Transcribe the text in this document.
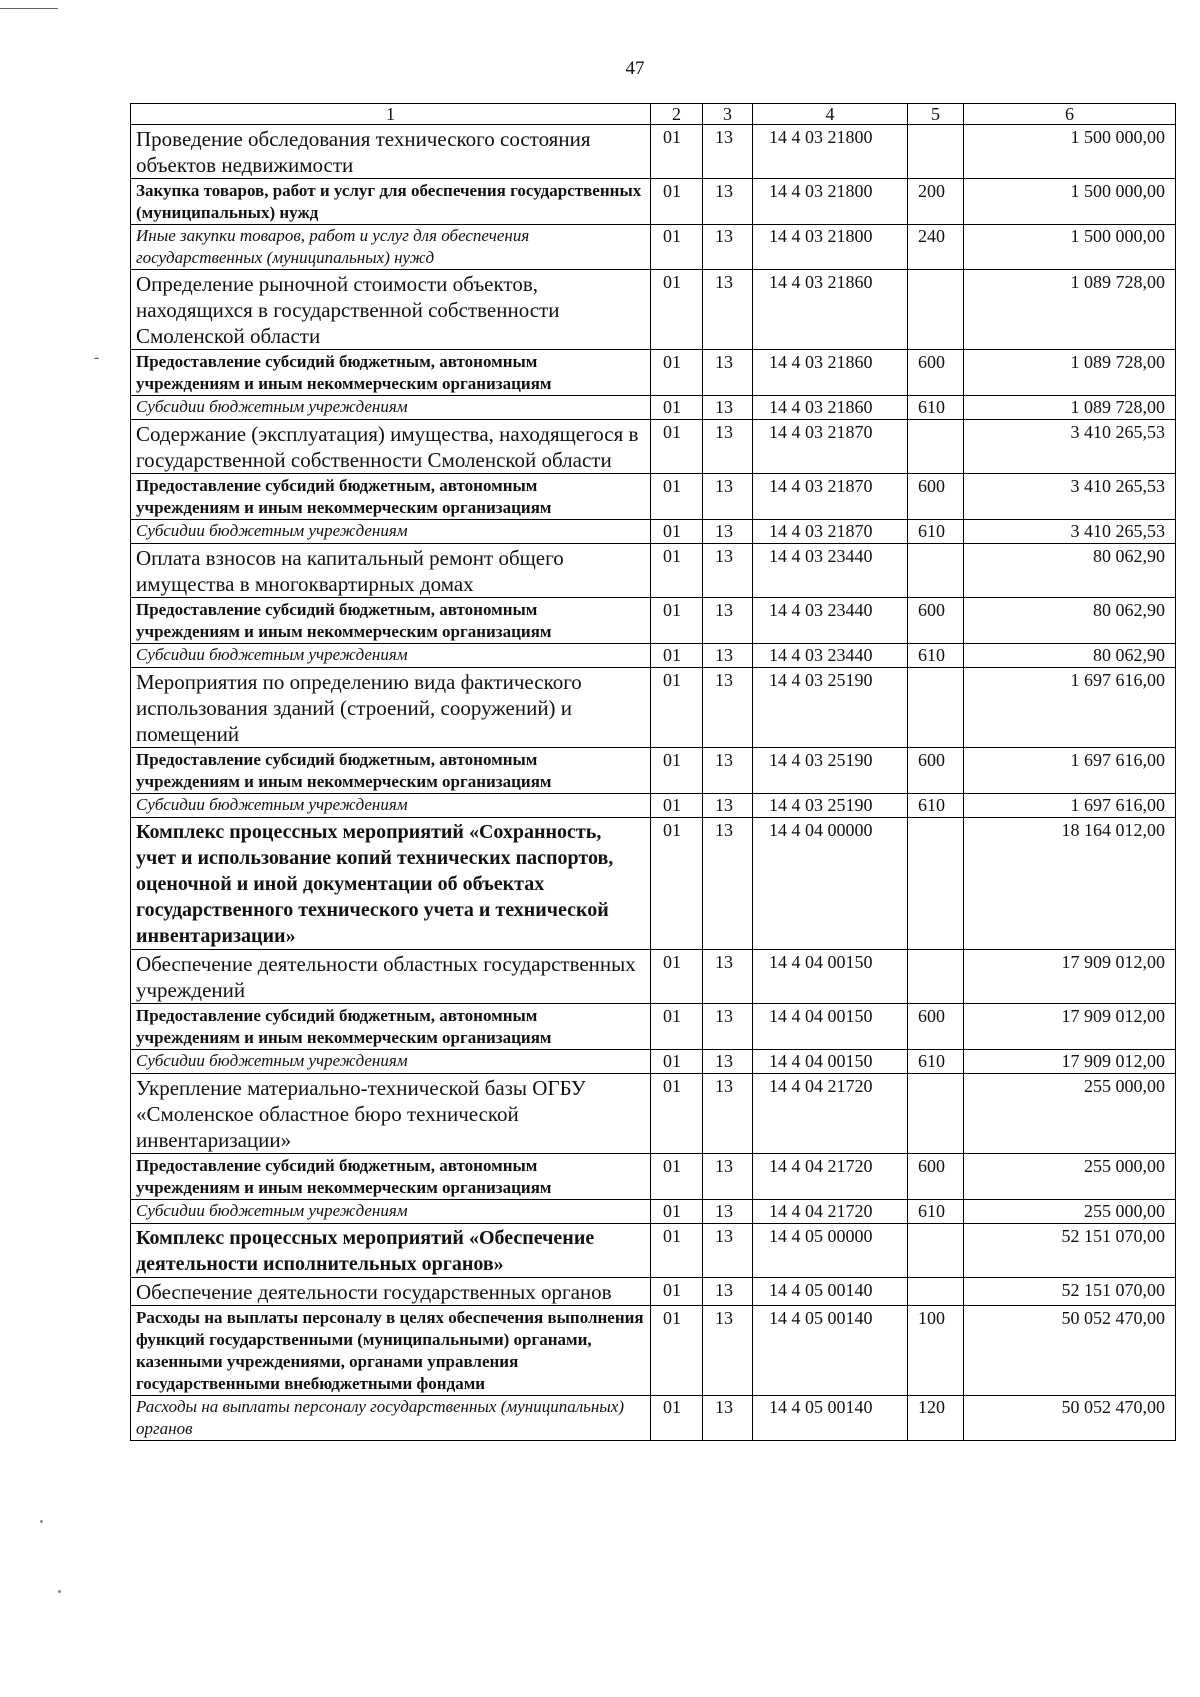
47
-
1	2	3	4	5	6
Проведение обследования технического состояния объектов недвижимости	01	13	14 4 03 21800		1 500 000,00
Закупка товаров, работ и услуг для обеспечения государственных (муниципальных) нужд	01	13	14 4 03 21800	200	1 500 000,00
Иные закупки товаров, работ и услуг для обеспечения государственных (муниципальных) нужд	01	13	14 4 03 21800	240	1 500 000,00
Определение рыночной стоимости объектов, находящихся в государственной собственности Смоленской области	01	13	14 4 03 21860		1 089 728,00
Предоставление субсидий бюджетным, автономным учреждениям и иным некоммерческим организациям	01	13	14 4 03 21860	600	1 089 728,00
Субсидии бюджетным учреждениям	01	13	14 4 03 21860	610	1 089 728,00
Содержание (эксплуатация) имущества, находящегося в государственной собственности Смоленской области	01	13	14 4 03 21870		3 410 265,53
Предоставление субсидий бюджетным, автономным учреждениям и иным некоммерческим организациям	01	13	14 4 03 21870	600	3 410 265,53
Субсидии бюджетным учреждениям	01	13	14 4 03 21870	610	3 410 265,53
Оплата взносов на капитальный ремонт общего имущества в многоквартирных домах	01	13	14 4 03 23440		80 062,90
Предоставление субсидий бюджетным, автономным учреждениям и иным некоммерческим организациям	01	13	14 4 03 23440	600	80 062,90
Субсидии бюджетным учреждениям	01	13	14 4 03 23440	610	80 062,90
Мероприятия по определению вида фактического использования зданий (строений, сооружений) и помещений	01	13	14 4 03 25190		1 697 616,00
Предоставление субсидий бюджетным, автономным учреждениям и иным некоммерческим организациям	01	13	14 4 03 25190	600	1 697 616,00
Субсидии бюджетным учреждениям	01	13	14 4 03 25190	610	1 697 616,00
Комплекс процессных мероприятий «Сохранность, учет и использование копий технических паспортов, оценочной и иной документации об объектах государственного технического учета и технической инвентаризации»	01	13	14 4 04 00000		18 164 012,00
Обеспечение деятельности областных государственных учреждений	01	13	14 4 04 00150		17 909 012,00
Предоставление субсидий бюджетным, автономным учреждениям и иным некоммерческим организациям	01	13	14 4 04 00150	600	17 909 012,00
Субсидии бюджетным учреждениям	01	13	14 4 04 00150	610	17 909 012,00
Укрепление материально-технической базы ОГБУ «Смоленское областное бюро технической инвентаризации»	01	13	14 4 04 21720		255 000,00
Предоставление субсидий бюджетным, автономным учреждениям и иным некоммерческим организациям	01	13	14 4 04 21720	600	255 000,00
Субсидии бюджетным учреждениям	01	13	14 4 04 21720	610	255 000,00
Комплекс процессных мероприятий «Обеспечение деятельности исполнительных органов»	01	13	14 4 05 00000		52 151 070,00
Обеспечение деятельности государственных органов	01	13	14 4 05 00140		52 151 070,00
Расходы на выплаты персоналу в целях обеспечения выполнения функций государственными (муниципальными) органами, казенными учреждениями, органами управления государственными внебюджетными фондами	01	13	14 4 05 00140	100	50 052 470,00
Расходы на выплаты персоналу государственных (муниципальных) органов	01	13	14 4 05 00140	120	50 052 470,00
